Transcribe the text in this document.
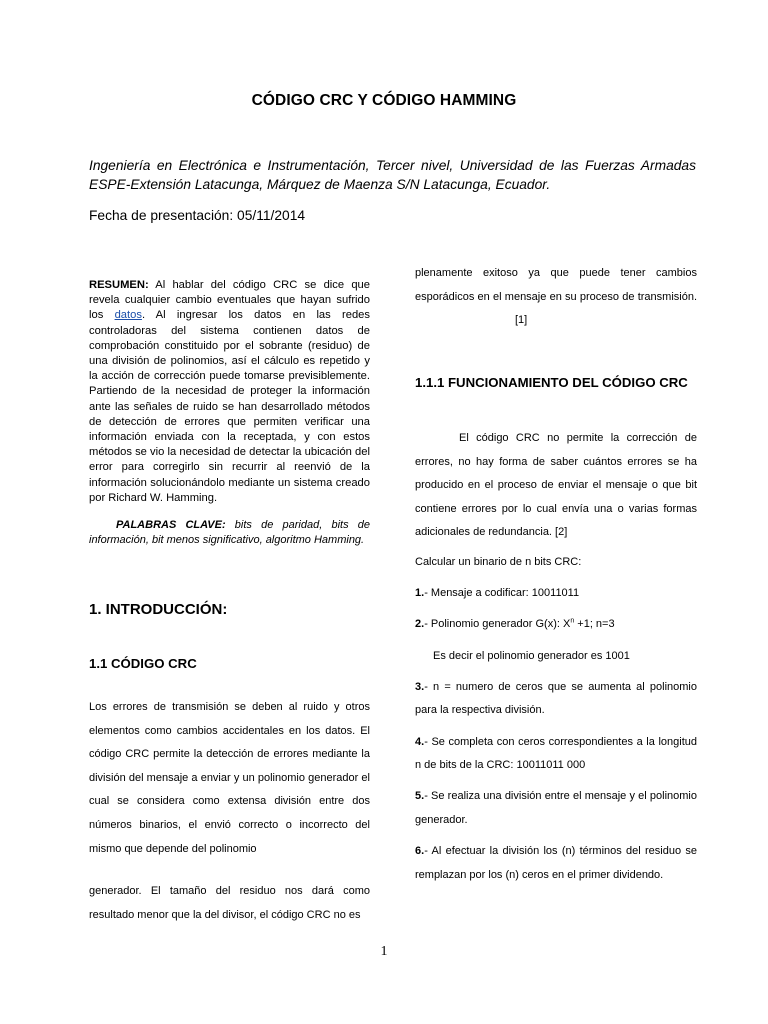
CÓDIGO CRC Y CÓDIGO HAMMING
Ingeniería en Electrónica e Instrumentación, Tercer nivel, Universidad de las Fuerzas Armadas ESPE-Extensión Latacunga, Márquez de Maenza S/N Latacunga, Ecuador.
Fecha de presentación: 05/11/2014
RESUMEN: Al hablar del código CRC se dice que revela cualquier cambio eventuales que hayan sufrido los datos. Al ingresar los datos en las redes controladoras del sistema contienen datos de comprobación constituido por el sobrante (residuo) de una división de polinomios, así el cálculo es repetido y la acción de corrección puede tomarse previsiblemente. Partiendo de la necesidad de proteger la información ante las señales de ruido se han desarrollado métodos de detección de errores que permiten verificar una información enviada con la receptada, y con estos métodos se vio la necesidad de detectar la ubicación del error para corregirlo sin recurrir al reenvió de la información solucionándolo mediante un sistema creado por Richard W. Hamming.
PALABRAS CLAVE: bits de paridad, bits de información, bit menos significativo, algoritmo Hamming.
1. INTRODUCCIÓN:
1.1 CÓDIGO CRC
Los errores de transmisión se deben al ruido y otros elementos como cambios accidentales en los datos. El código CRC permite la detección de errores mediante la división del mensaje a enviar y un polinomio generador el cual se considera como extensa división entre dos números binarios, el envió correcto o incorrecto del mismo que depende del polinomio
generador. El tamaño del residuo nos dará como resultado menor que la del divisor, el código CRC no es
plenamente exitoso ya que puede tener cambios esporádicos en el mensaje en su proceso de transmisión.[1]
1.1.1 FUNCIONAMIENTO DEL CÓDIGO CRC
El código CRC no permite la corrección de errores, no hay forma de saber cuántos errores se ha producido en el proceso de enviar el mensaje o que bit contiene errores por lo cual envía una o varias formas adicionales de redundancia. [2]

Calcular un binario de n bits CRC:

1.- Mensaje a codificar: 10011011

2.- Polinomio generador G(x): $X^n +1$; n=3

Es decir el polinomio generador es 1001

3.- n = numero de ceros que se aumenta al polinomio para la respectiva división.

4.- Se completa con ceros correspondientes a la longitud n de bits de la CRC: 10011011 000

5.- Se realiza una división entre el mensaje y el polinomio generador.

6.- Al efectuar la división los (n) términos del residuo se remplazan por los (n) ceros en el primer dividendo.

1
